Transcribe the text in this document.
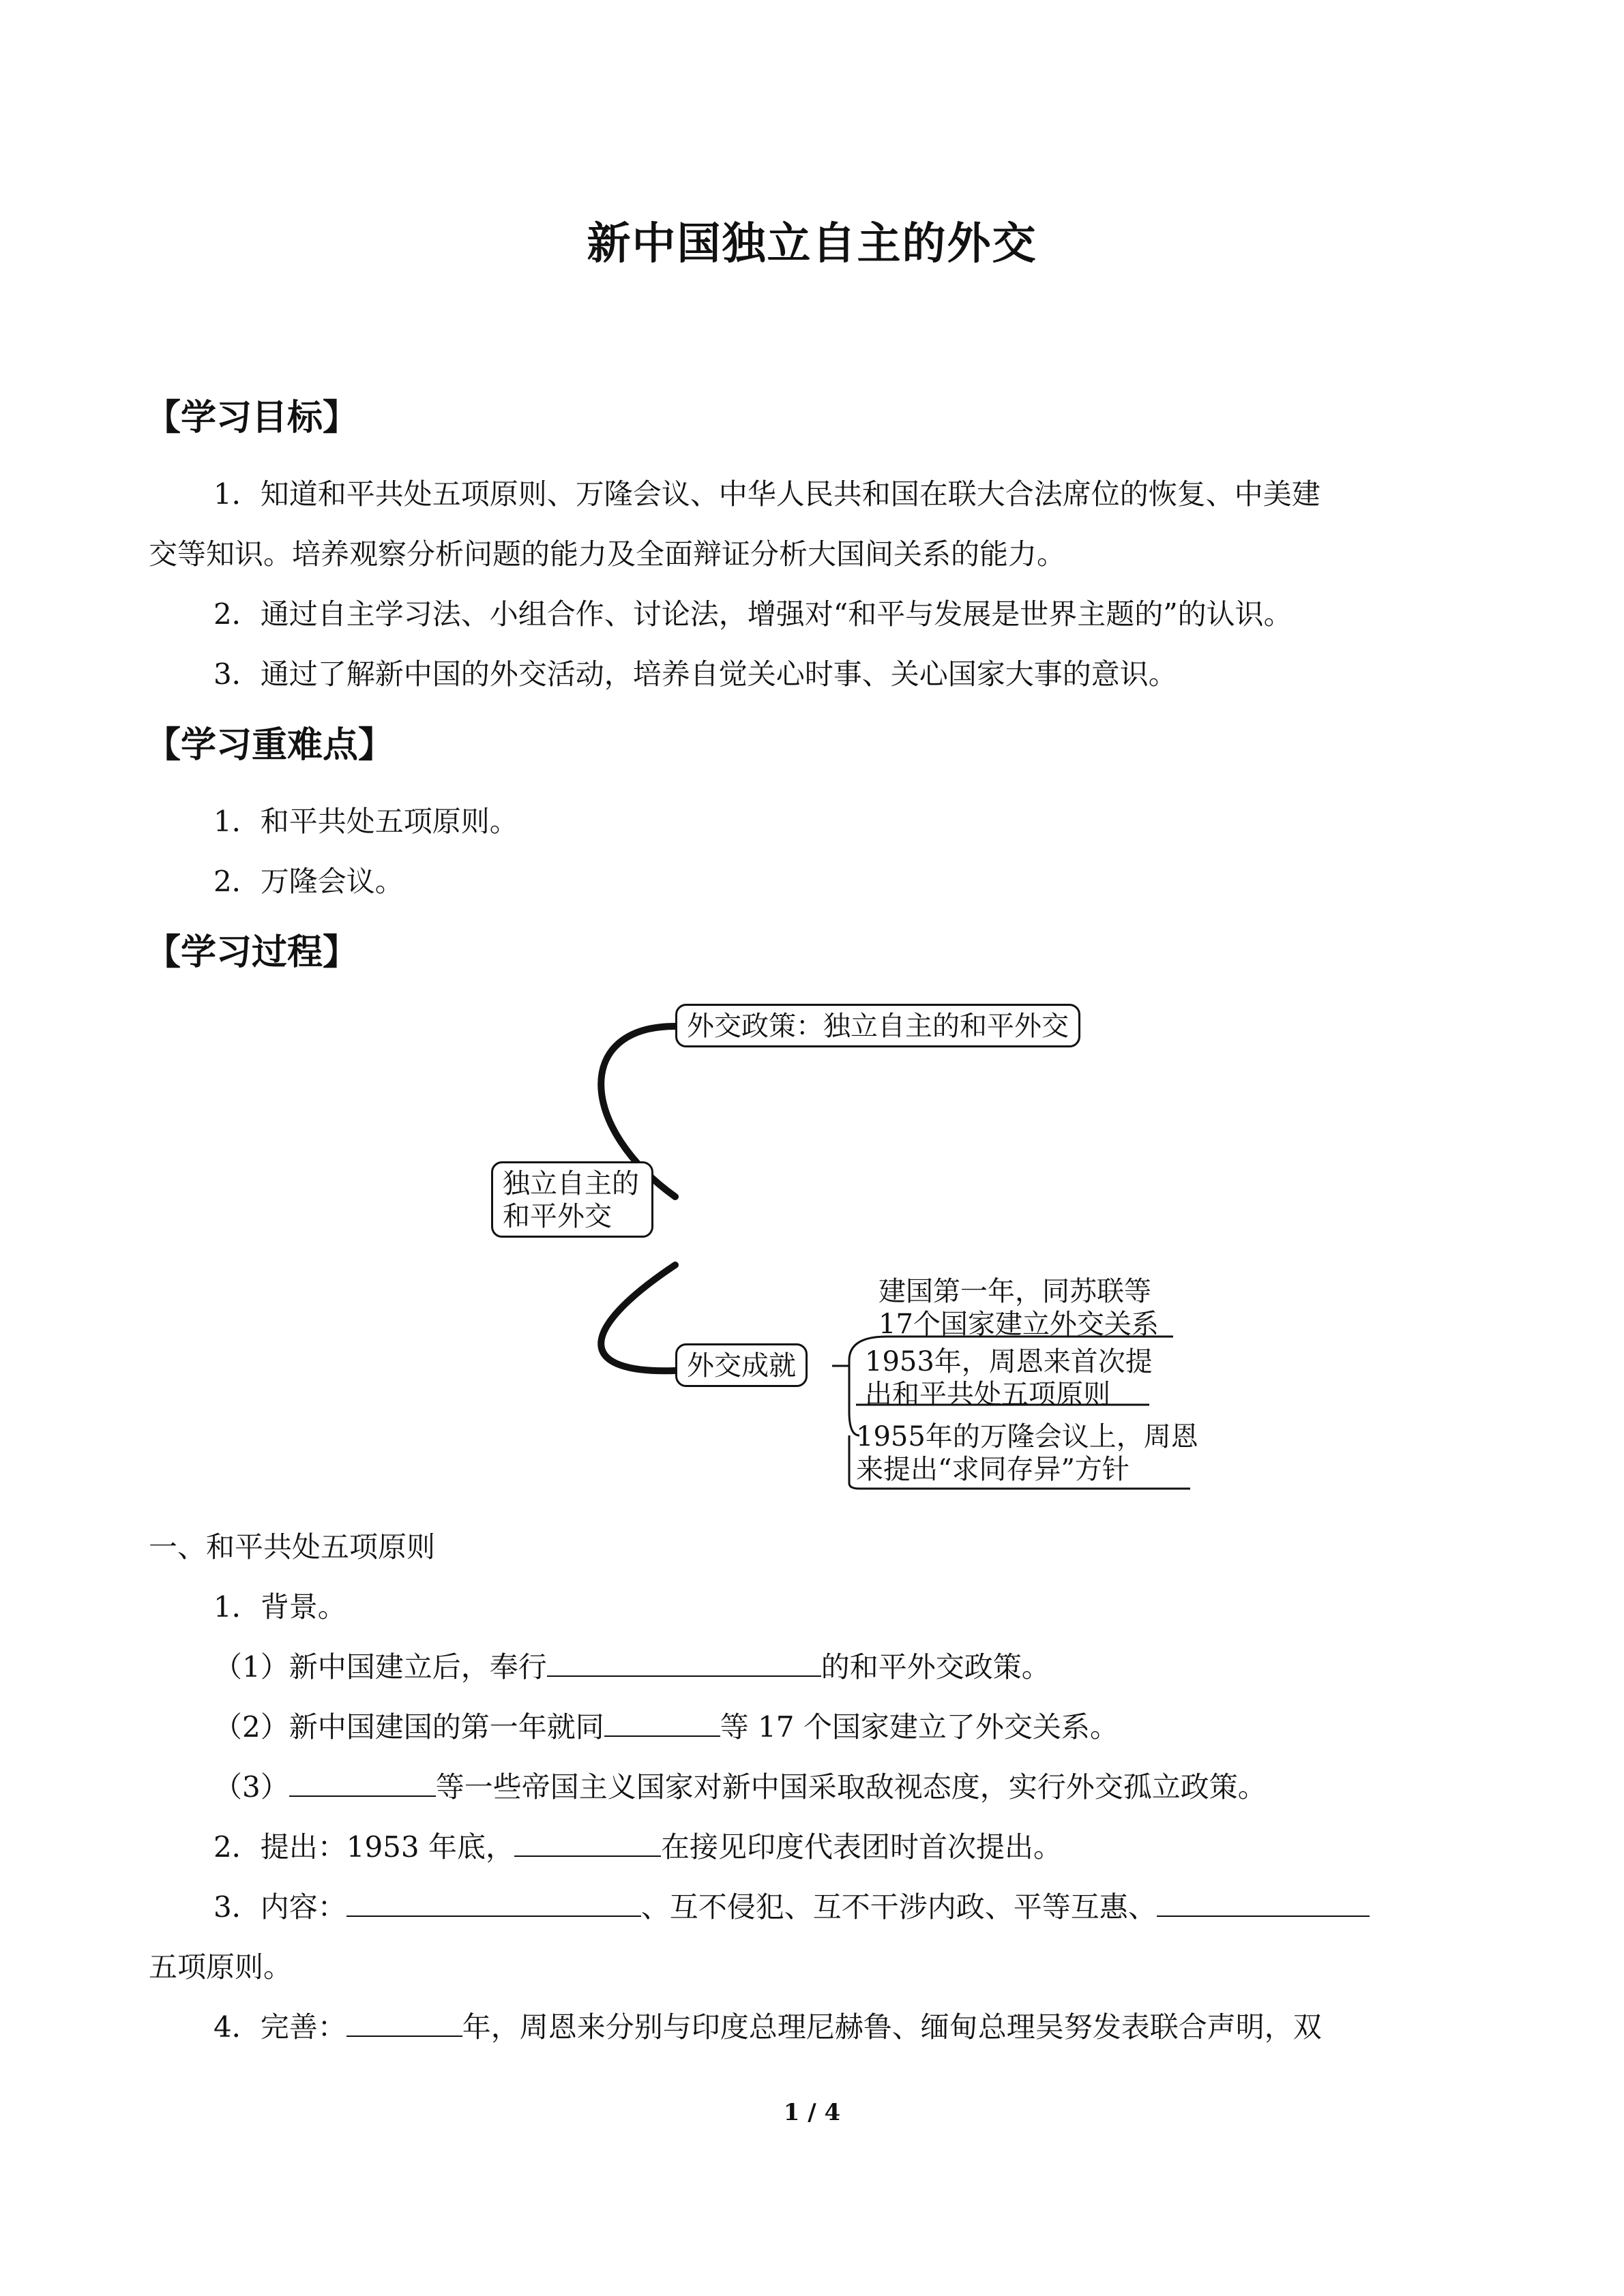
新中国独立自主的外交
【学习目标】
1．知道和平共处五项原则、万隆会议、中华人民共和国在联大合法席位的恢复、中美建
交等知识。培养观察分析问题的能力及全面辩证分析大国间关系的能力。
2．通过自主学习法、小组合作、讨论法，增强对“和平与发展是世界主题的”的认识。
3．通过了解新中国的外交活动，培养自觉关心时事、关心国家大事的意识。
【学习重难点】
1．和平共处五项原则。
2．万隆会议。
【学习过程】
独立自主的
和平外交
外交政策：独立自主的和平外交
外交成就
建国第一年，同苏联等
17个国家建立外交关系
1953年，周恩来首次提
出和平共处五项原则
1955年的万隆会议上，周恩
来提出“求同存异”方针
一、和平共处五项原则
1．背景。
（1）新中国建立后，奉行	的和平外交政策。
（2）新中国建国的第一年就同	等 17 个国家建立了外交关系。
（3）	等一些帝国主义国家对新中国采取敌视态度，实行外交孤立政策。
2．提出：1953 年底，	在接见印度代表团时首次提出。
3．内容：	、互不侵犯、互不干涉内政、平等互惠、
五项原则。
4．完善：	年，周恩来分别与印度总理尼赫鲁、缅甸总理吴努发表联合声明，双
1 / 4
